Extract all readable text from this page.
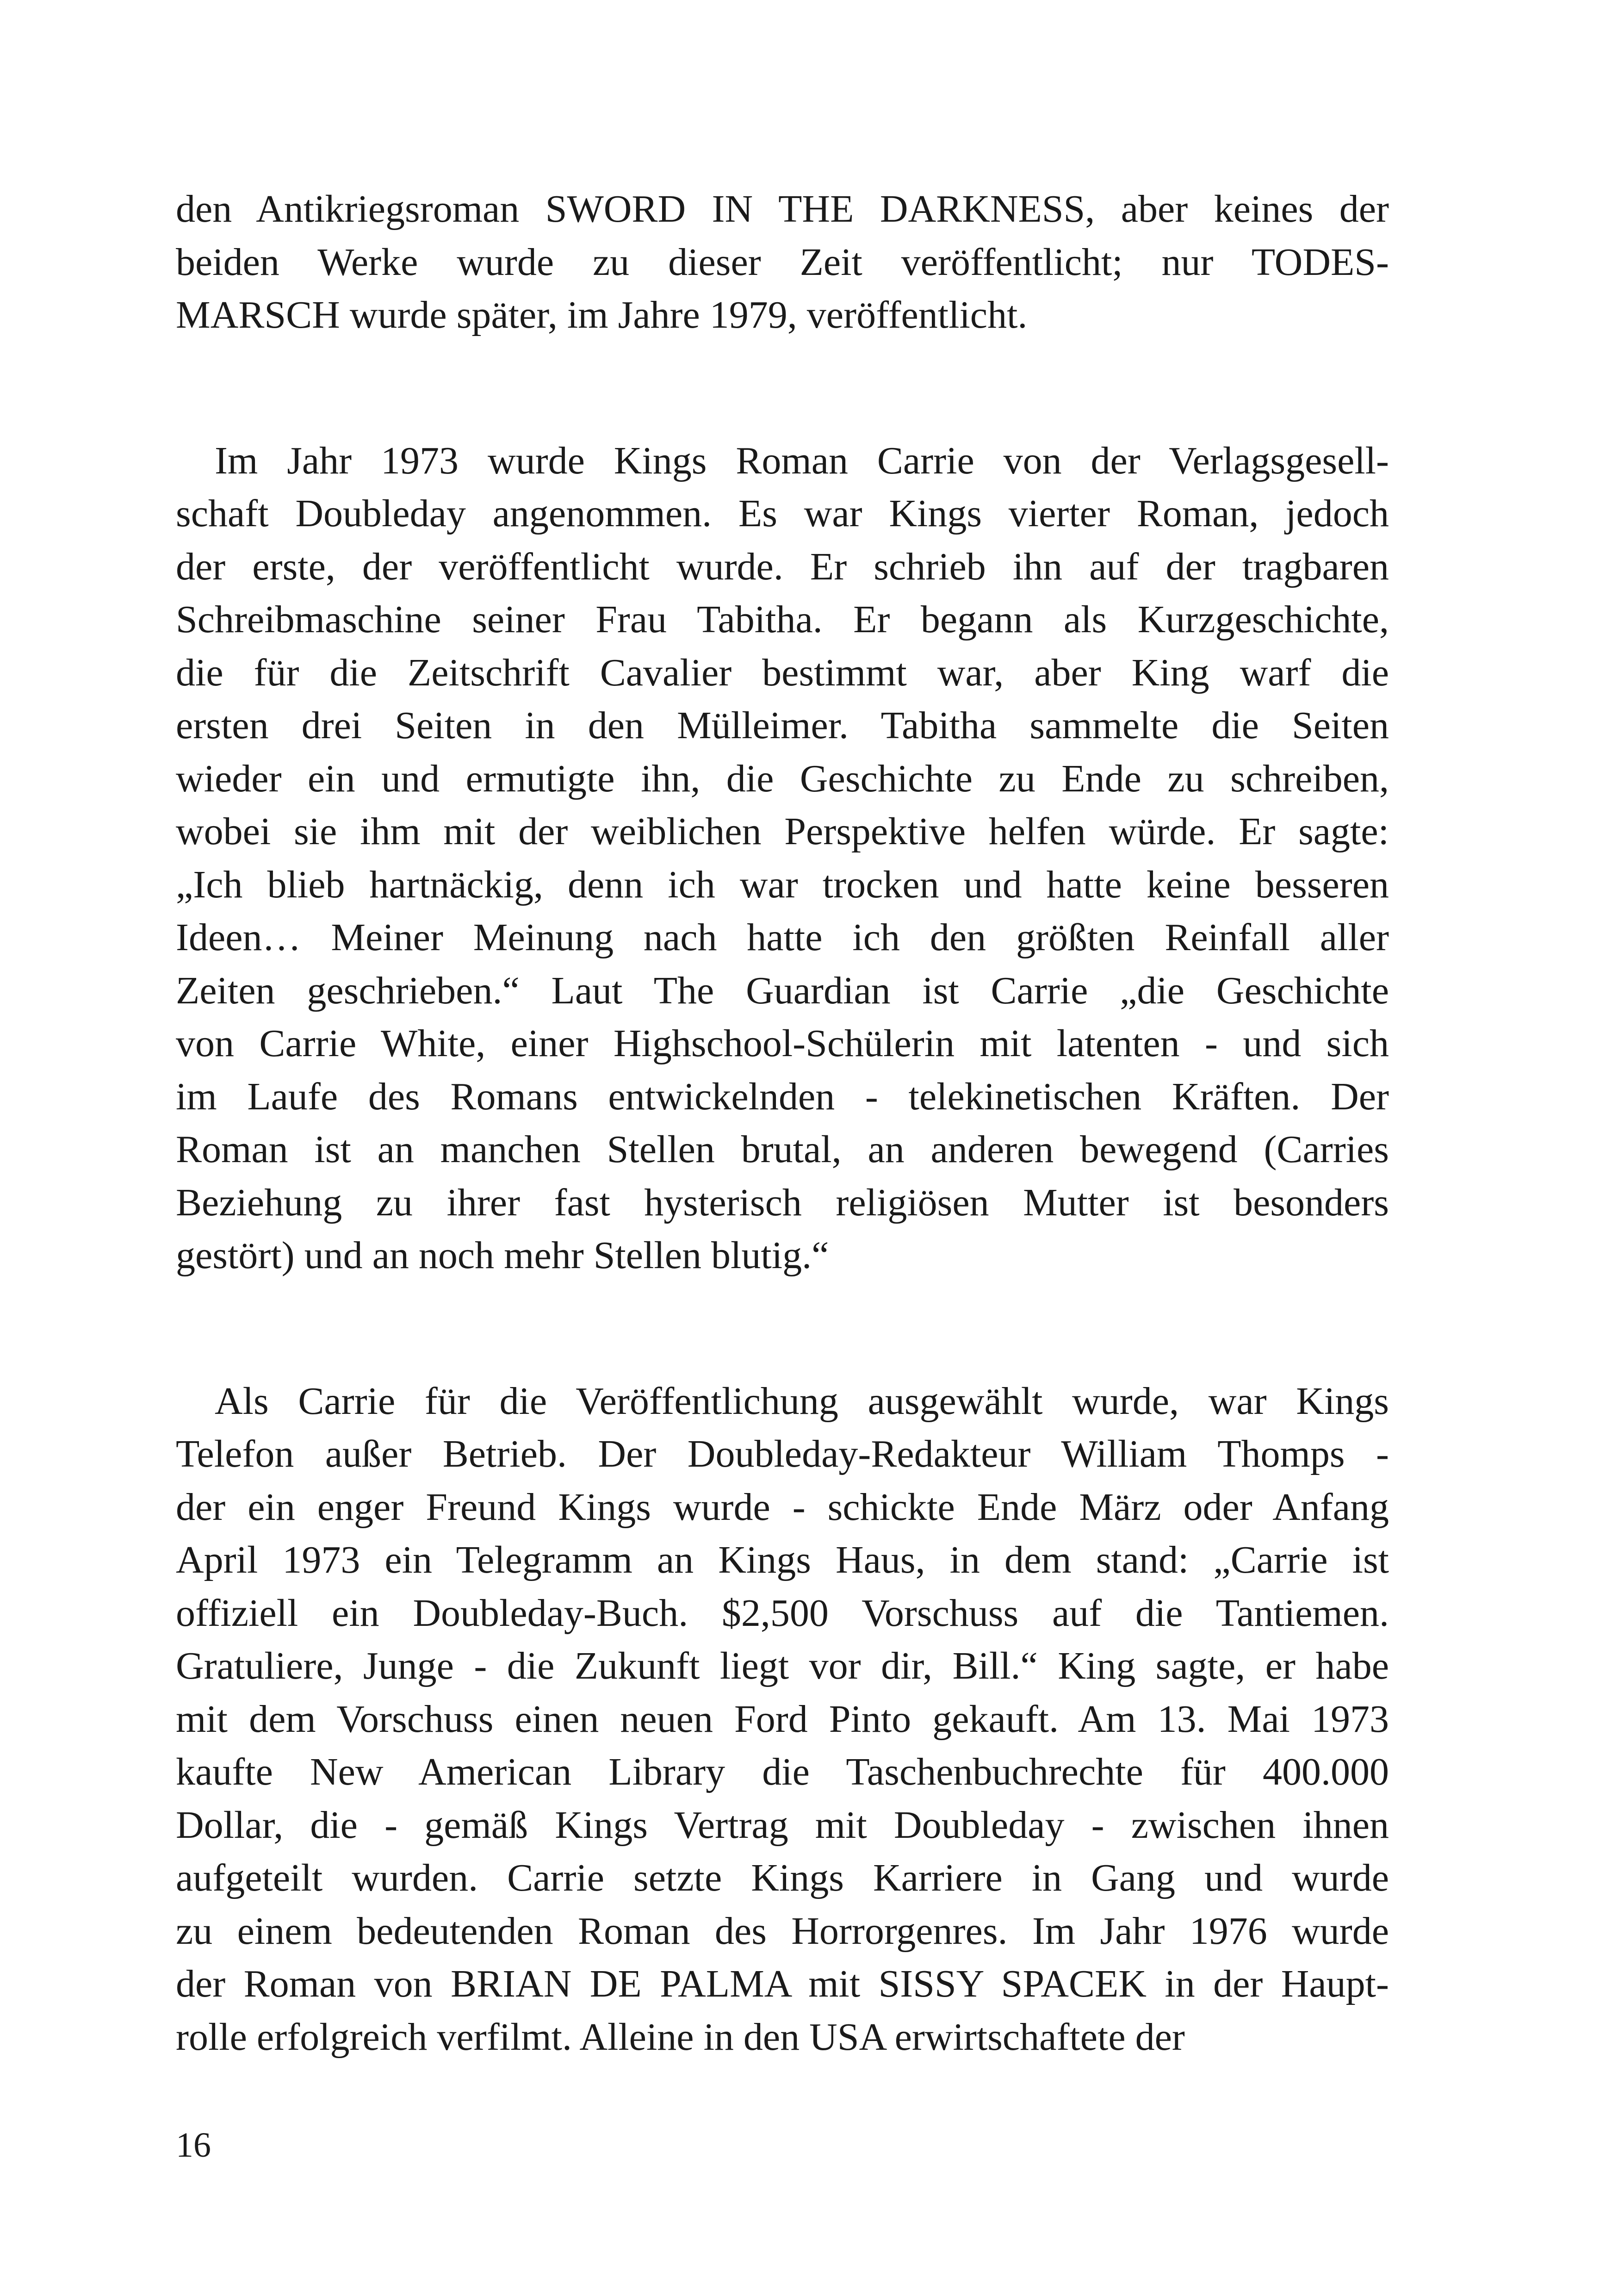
den Antikriegsroman SWORD IN THE DARKNESS, aber keines der
beiden Werke wurde zu dieser Zeit veröffentlicht; nur TODES-
MARSCH wurde später, im Jahre 1979, veröffentlicht.

Im Jahr 1973 wurde Kings Roman Carrie von der Verlagsgesell-
schaft Doubleday angenommen. Es war Kings vierter Roman, jedoch
der erste, der veröffentlicht wurde. Er schrieb ihn auf der tragbaren
Schreibmaschine seiner Frau Tabitha. Er begann als Kurzgeschichte,
die für die Zeitschrift Cavalier bestimmt war, aber King warf die
ersten drei Seiten in den Mülleimer. Tabitha sammelte die Seiten
wieder ein und ermutigte ihn, die Geschichte zu Ende zu schreiben,
wobei sie ihm mit der weiblichen Perspektive helfen würde. Er sagte:
„Ich blieb hartnäckig, denn ich war trocken und hatte keine besseren
Ideen… Meiner Meinung nach hatte ich den größten Reinfall aller
Zeiten geschrieben.“ Laut The Guardian ist Carrie „die Geschichte
von Carrie White, einer Highschool-Schülerin mit latenten - und sich
im Laufe des Romans entwickelnden - telekinetischen Kräften. Der
Roman ist an manchen Stellen brutal, an anderen bewegend (Carries
Beziehung zu ihrer fast hysterisch religiösen Mutter ist besonders
gestört) und an noch mehr Stellen blutig.“

Als Carrie für die Veröffentlichung ausgewählt wurde, war Kings
Telefon außer Betrieb. Der Doubleday-Redakteur William Thomps -
der ein enger Freund Kings wurde - schickte Ende März oder Anfang
April 1973 ein Telegramm an Kings Haus, in dem stand: „Carrie ist
offiziell ein Doubleday-Buch. $2,500 Vorschuss auf die Tantiemen.
Gratuliere, Junge - die Zukunft liegt vor dir, Bill.“ King sagte, er habe
mit dem Vorschuss einen neuen Ford Pinto gekauft. Am 13. Mai 1973
kaufte New American Library die Taschenbuchrechte für 400.000
Dollar, die - gemäß Kings Vertrag mit Doubleday - zwischen ihnen
aufgeteilt wurden. Carrie setzte Kings Karriere in Gang und wurde
zu einem bedeutenden Roman des Horrorgenres. Im Jahr 1976 wurde
der Roman von BRIAN DE PALMA mit SISSY SPACEK in der Haupt-
rolle erfolgreich verfilmt. Alleine in den USA erwirtschaftete der

16
